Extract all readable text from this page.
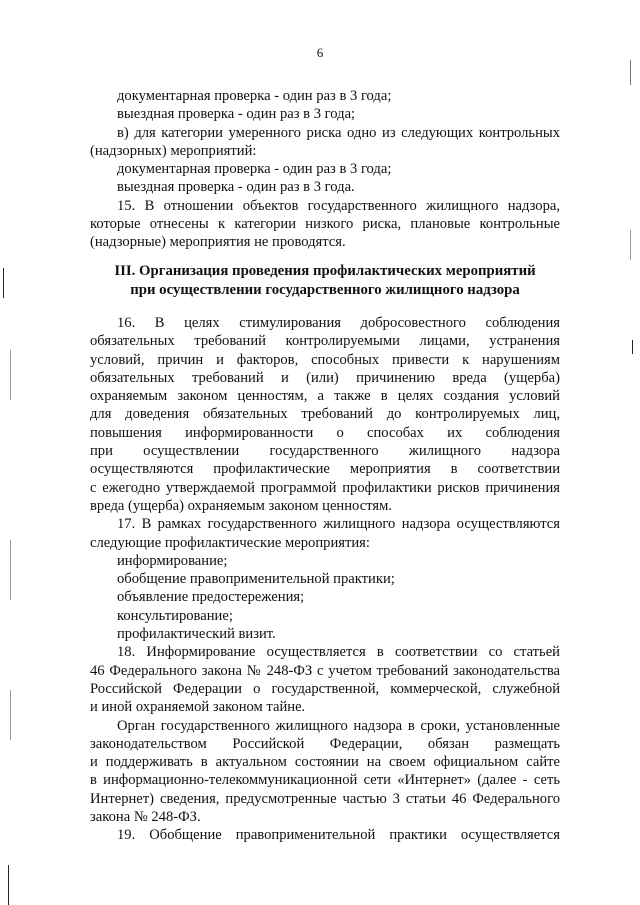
6
документарная проверка - один раз в 3 года;
выездная проверка - один раз в 3 года;
в) для категории умеренного риска одно из следующих контрольных
(надзорных) мероприятий:
документарная проверка - один раз в 3 года;
выездная проверка - один раз в 3 года.
15. В отношении объектов государственного жилищного надзора,
которые отнесены к категории низкого риска, плановые контрольные
(надзорные) мероприятия не проводятся.
III. Организация проведения профилактических мероприятий
при осуществлении государственного жилищного надзора
16. В целях стимулирования добросовестного соблюдения
обязательных требований контролируемыми лицами, устранения
условий, причин и факторов, способных привести к нарушениям
обязательных требований и (или) причинению вреда (ущерба)
охраняемым законом ценностям, а также в целях создания условий
для доведения обязательных требований до контролируемых лиц,
повышения информированности о способах их соблюдения
при осуществлении государственного жилищного надзора
осуществляются профилактические мероприятия в соответствии
с ежегодно утверждаемой программой профилактики рисков причинения
вреда (ущерба) охраняемым законом ценностям.
17. В рамках государственного жилищного надзора осуществляются
следующие профилактические мероприятия:
информирование;
обобщение правоприменительной практики;
объявление предостережения;
консультирование;
профилактический визит.
18. Информирование осуществляется в соответствии со статьей
46 Федерального закона № 248-ФЗ с учетом требований законодательства
Российской Федерации о государственной, коммерческой, служебной
и иной охраняемой законом тайне.
Орган государственного жилищного надзора в сроки, установленные
законодательством Российской Федерации, обязан размещать
и поддерживать в актуальном состоянии на своем официальном сайте
в информационно-телекоммуникационной сети «Интернет» (далее - сеть
Интернет) сведения, предусмотренные частью 3 статьи 46 Федерального
закона № 248-ФЗ.
19. Обобщение правоприменительной практики осуществляется
